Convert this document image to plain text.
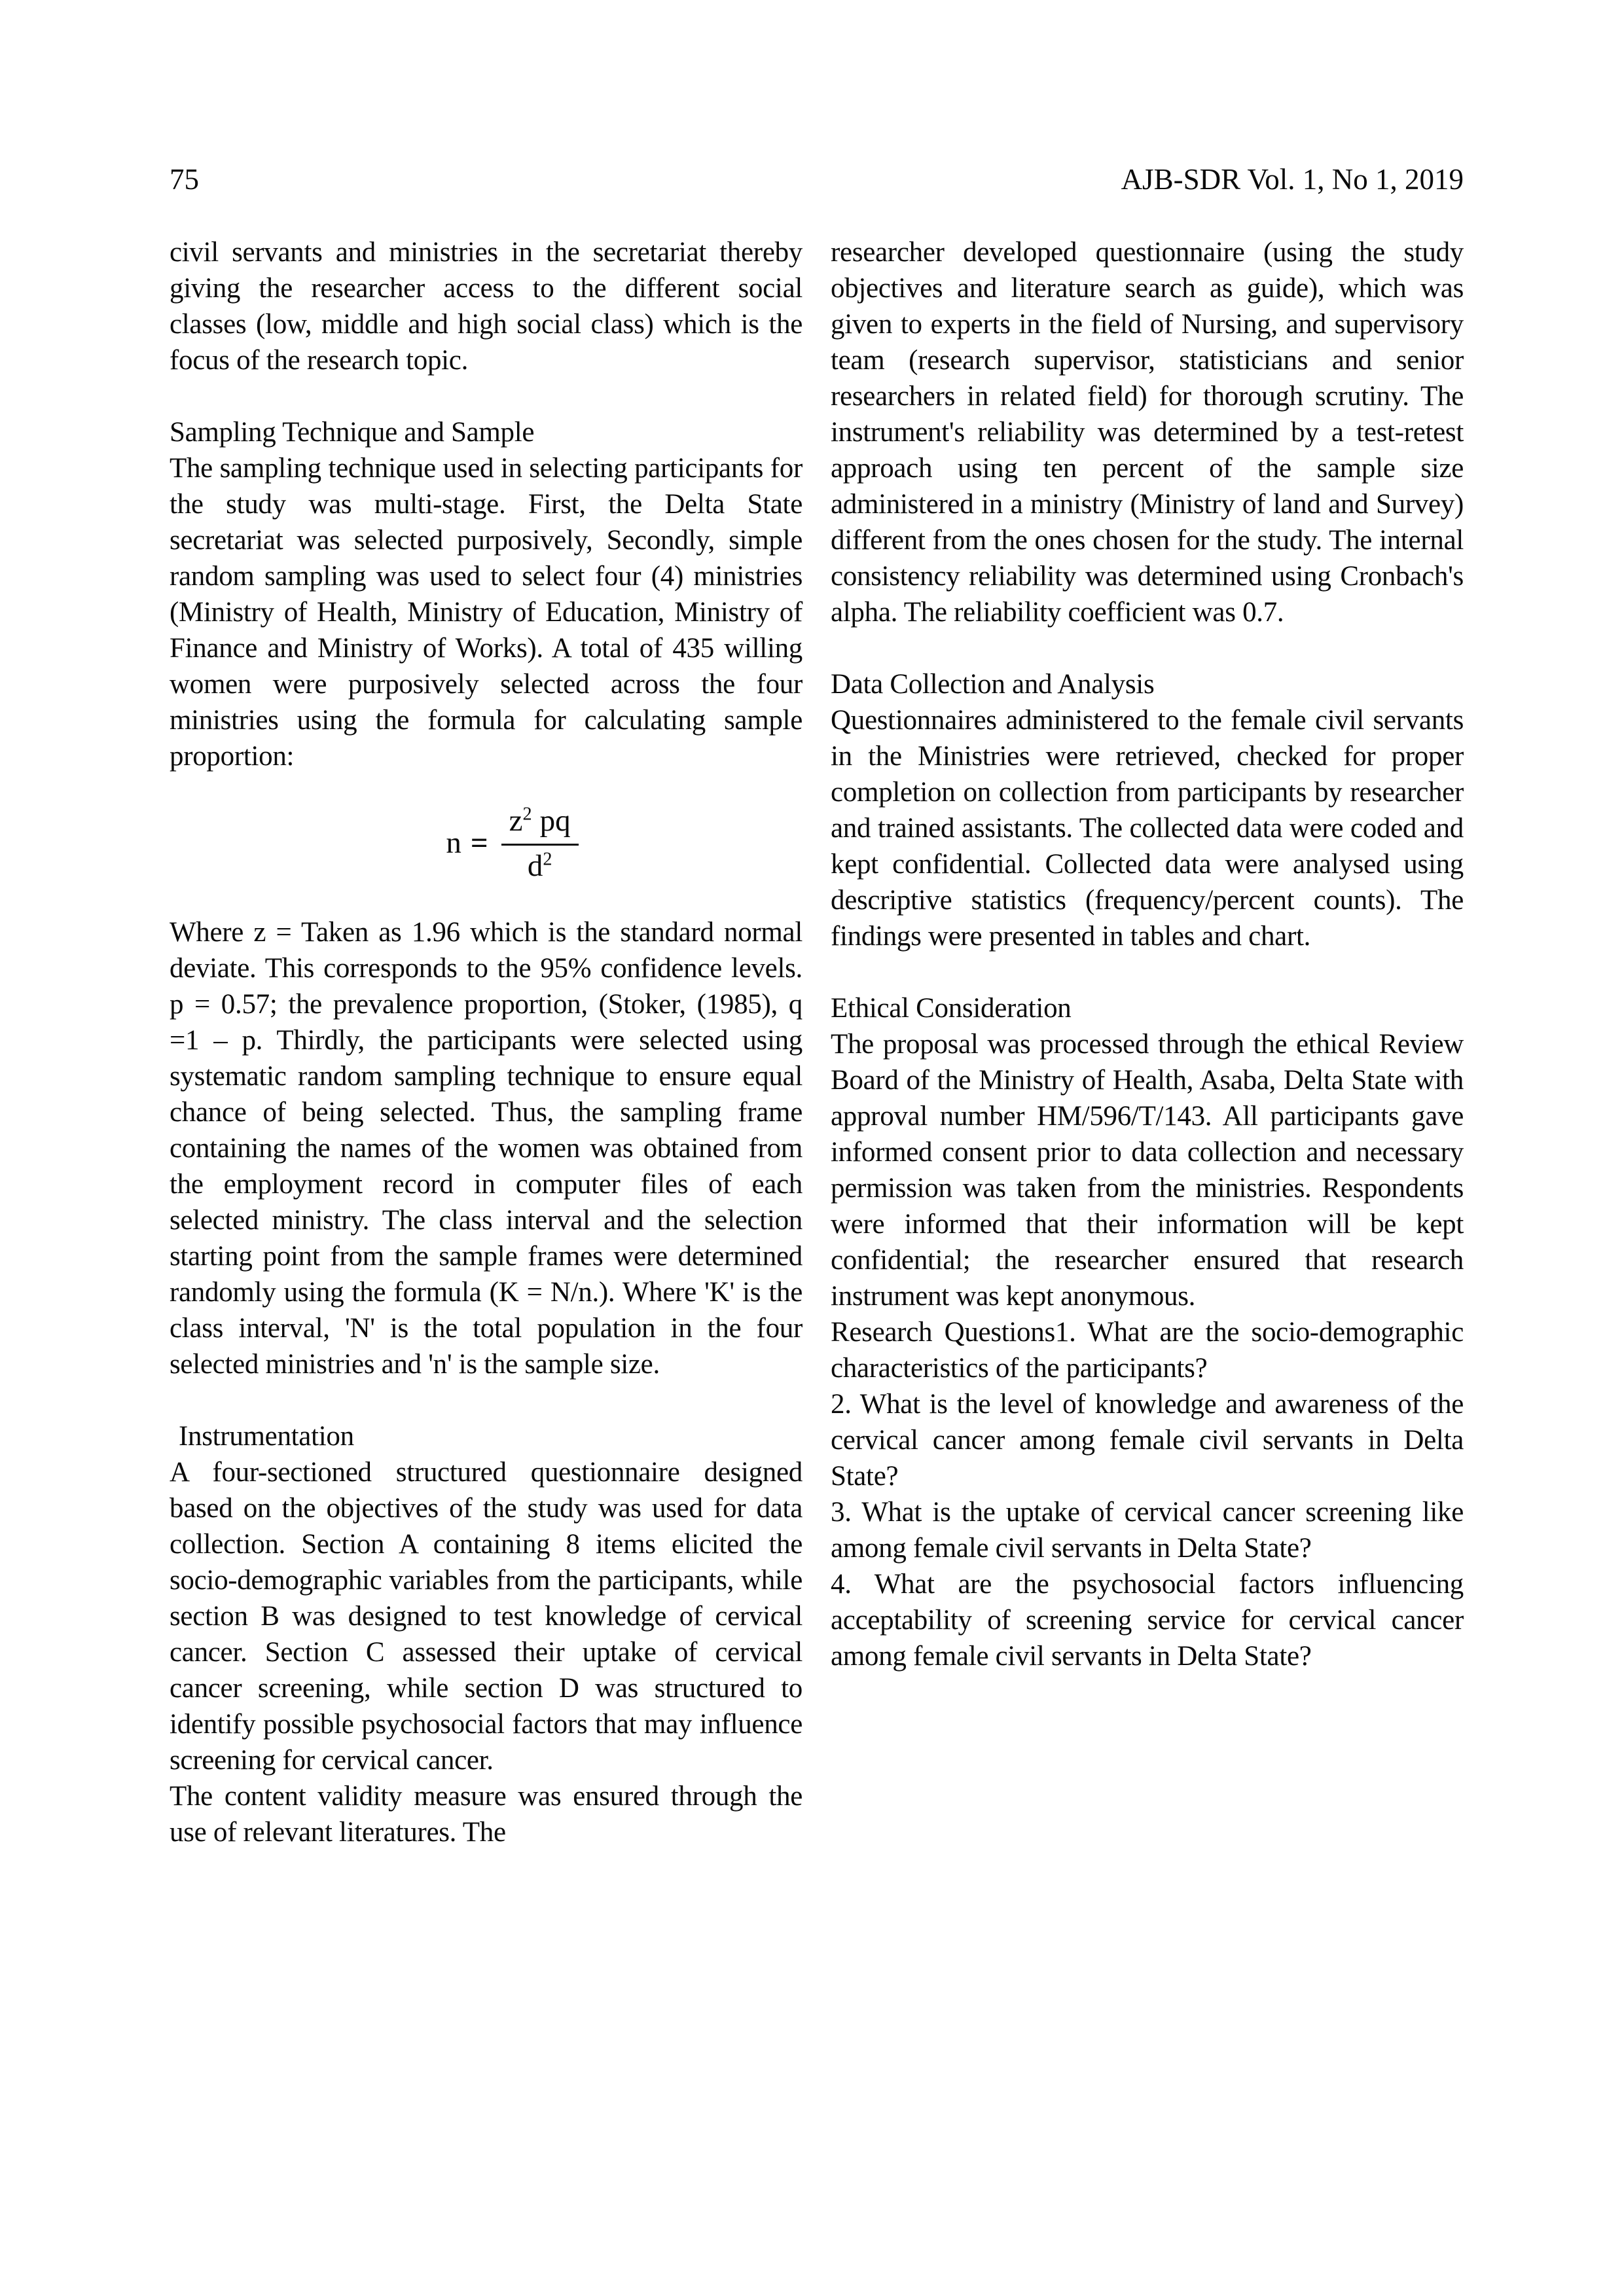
75	AJB-SDR Vol. 1, No 1, 2019

civil servants and ministries in the secretariat thereby giving the researcher access to the different social classes (low, middle and high social class) which is the focus of the research topic.

Sampling Technique and Sample

The sampling technique used in selecting participants for the study was multi-stage. First, the Delta State secretariat was selected purposively, Secondly, simple random sampling was used to select four (4) ministries (Ministry of Health, Ministry of Education, Ministry of Finance and Ministry of Works). A total of 435 willing women were purposively selected across the four ministries using the formula for calculating sample proportion:

$n = \frac{z^2 pq}{d^2}$

Where z = Taken as 1.96 which is the standard normal deviate. This corresponds to the 95% confidence levels. p = 0.57; the prevalence proportion, (Stoker, (1985), q =1 – p. Thirdly, the participants were selected using systematic random sampling technique to ensure equal chance of being selected. Thus, the sampling frame containing the names of the women was obtained from the employment record in computer files of each selected ministry. The class interval and the selection starting point from the sample frames were determined randomly using the formula (K = N/n.). Where 'K' is the class interval, 'N' is the total population in the four selected ministries and 'n' is the sample size.

Instrumentation

A four-sectioned structured questionnaire designed based on the objectives of the study was used for data collection. Section A containing 8 items elicited the socio-demographic variables from the participants, while section B was designed to test knowledge of cervical cancer. Section C assessed their uptake of cervical cancer screening, while section D was structured to identify possible psychosocial factors that may influence screening for cervical cancer.

The content validity measure was ensured through the use of relevant literatures. The

researcher developed questionnaire (using the study objectives and literature search as guide), which was given to experts in the field of Nursing, and supervisory team (research supervisor, statisticians and senior researchers in related field) for thorough scrutiny. The instrument's reliability was determined by a test-retest approach using ten percent of the sample size administered in a ministry (Ministry of land and Survey) different from the ones chosen for the study. The internal consistency reliability was determined using Cronbach's alpha. The reliability coefficient was 0.7.

Data Collection and Analysis

Questionnaires administered to the female civil servants in the Ministries were retrieved, checked for proper completion on collection from participants by researcher and trained assistants. The collected data were coded and kept confidential. Collected data were analysed using descriptive statistics (frequency/percent counts). The findings were presented in tables and chart.

Ethical Consideration

The proposal was processed through the ethical Review Board of the Ministry of Health, Asaba, Delta State with approval number HM/596/T/143. All participants gave informed consent prior to data collection and necessary permission was taken from the ministries. Respondents were informed that their information will be kept confidential; the researcher ensured that research instrument was kept anonymous.

Research Questions1. What are the socio-demographic characteristics of the participants?

2. What is the level of knowledge and awareness of the cervical cancer among female civil servants in Delta State?

3. What is the uptake of cervical cancer screening like among female civil servants in Delta State?

4. What are the psychosocial factors influencing acceptability of screening service for cervical cancer among female civil servants in Delta State?
